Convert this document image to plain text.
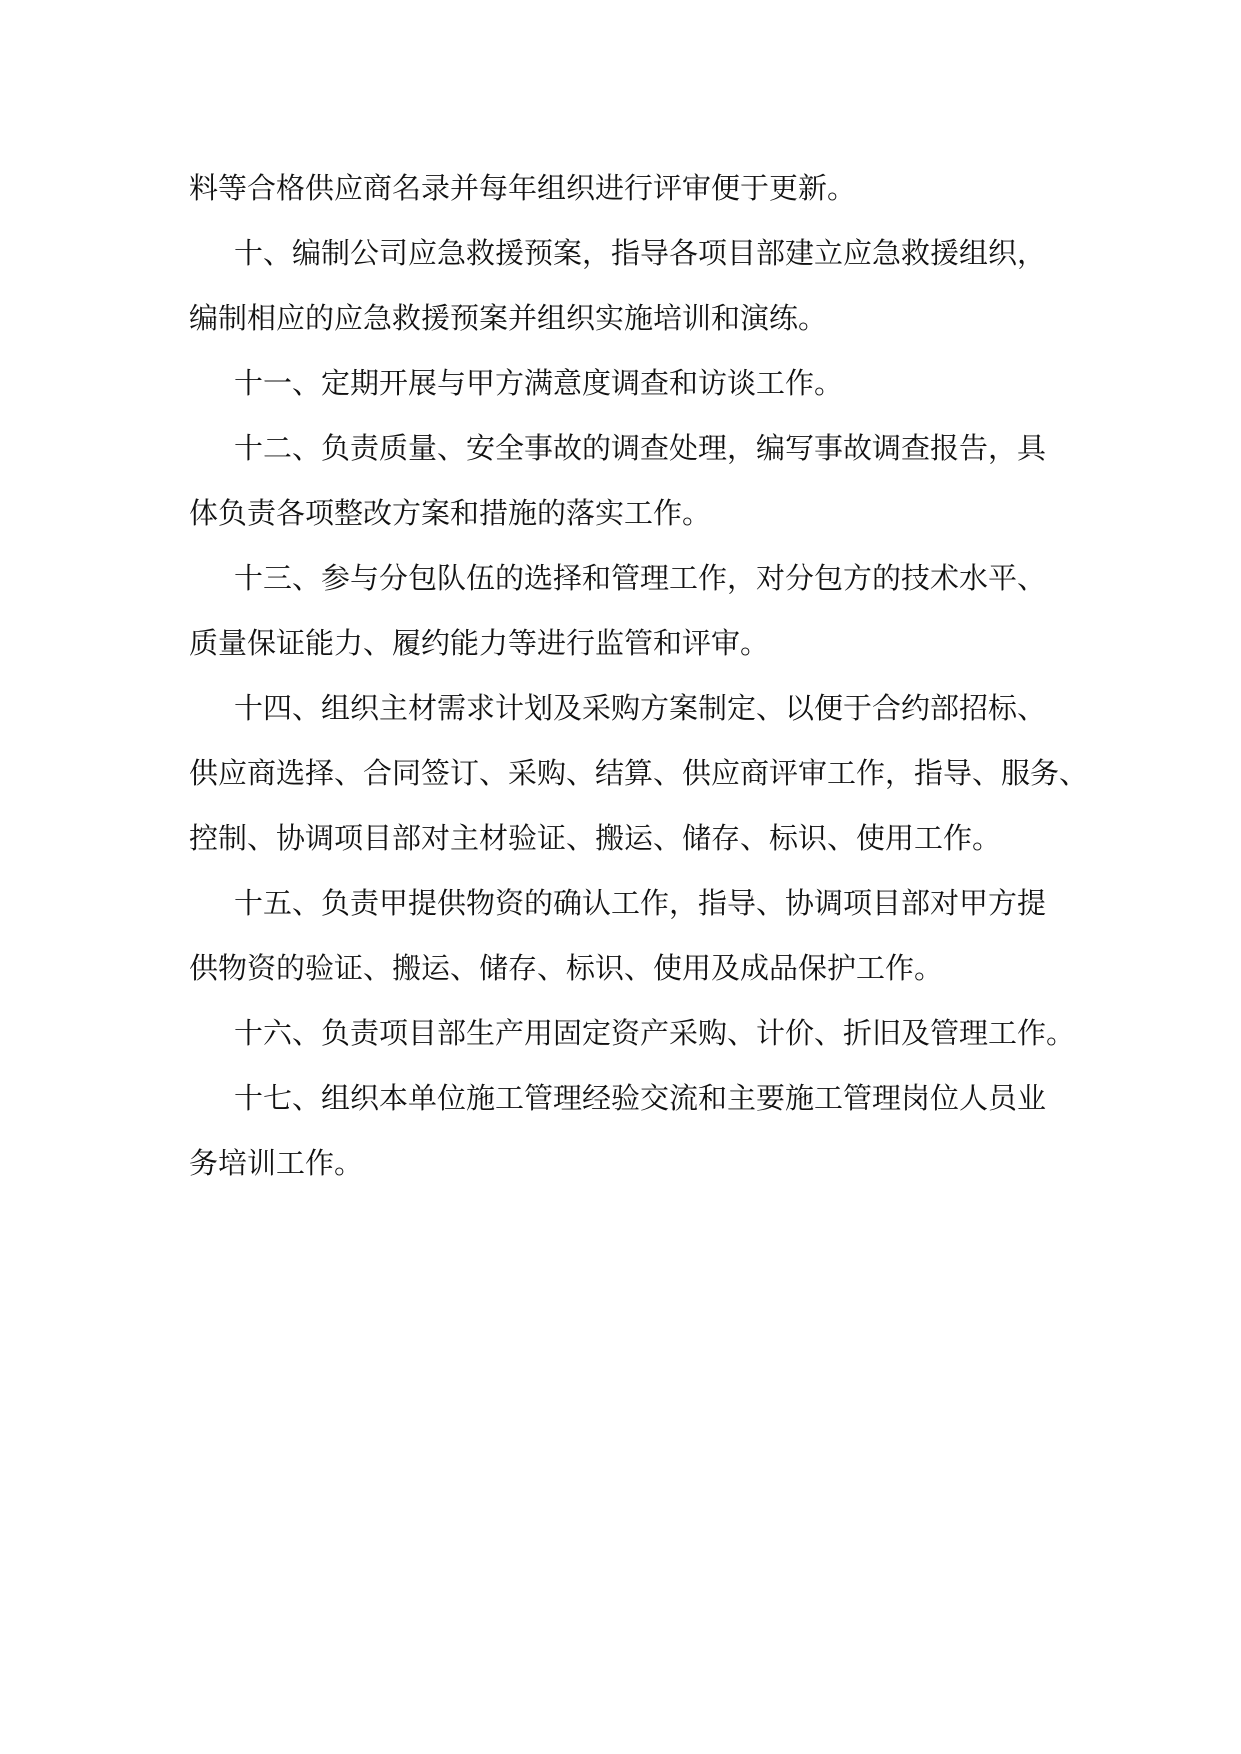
料等合格供应商名录并每年组织进行评审便于更新。
十、编制公司应急救援预案，指导各项目部建立应急救援组织，
编制相应的应急救援预案并组织实施培训和演练。
十一、定期开展与甲方满意度调查和访谈工作。
十二、负责质量、安全事故的调查处理，编写事故调查报告，具
体负责各项整改方案和措施的落实工作。
十三、参与分包队伍的选择和管理工作，对分包方的技术水平、
质量保证能力、履约能力等进行监管和评审。
十四、组织主材需求计划及采购方案制定、以便于合约部招标、
供应商选择、合同签订、采购、结算、供应商评审工作，指导、服务、
控制、协调项目部对主材验证、搬运、储存、标识、使用工作。
十五、负责甲提供物资的确认工作，指导、协调项目部对甲方提
供物资的验证、搬运、储存、标识、使用及成品保护工作。
十六、负责项目部生产用固定资产采购、计价、折旧及管理工作。
十七、组织本单位施工管理经验交流和主要施工管理岗位人员业
务培训工作。
